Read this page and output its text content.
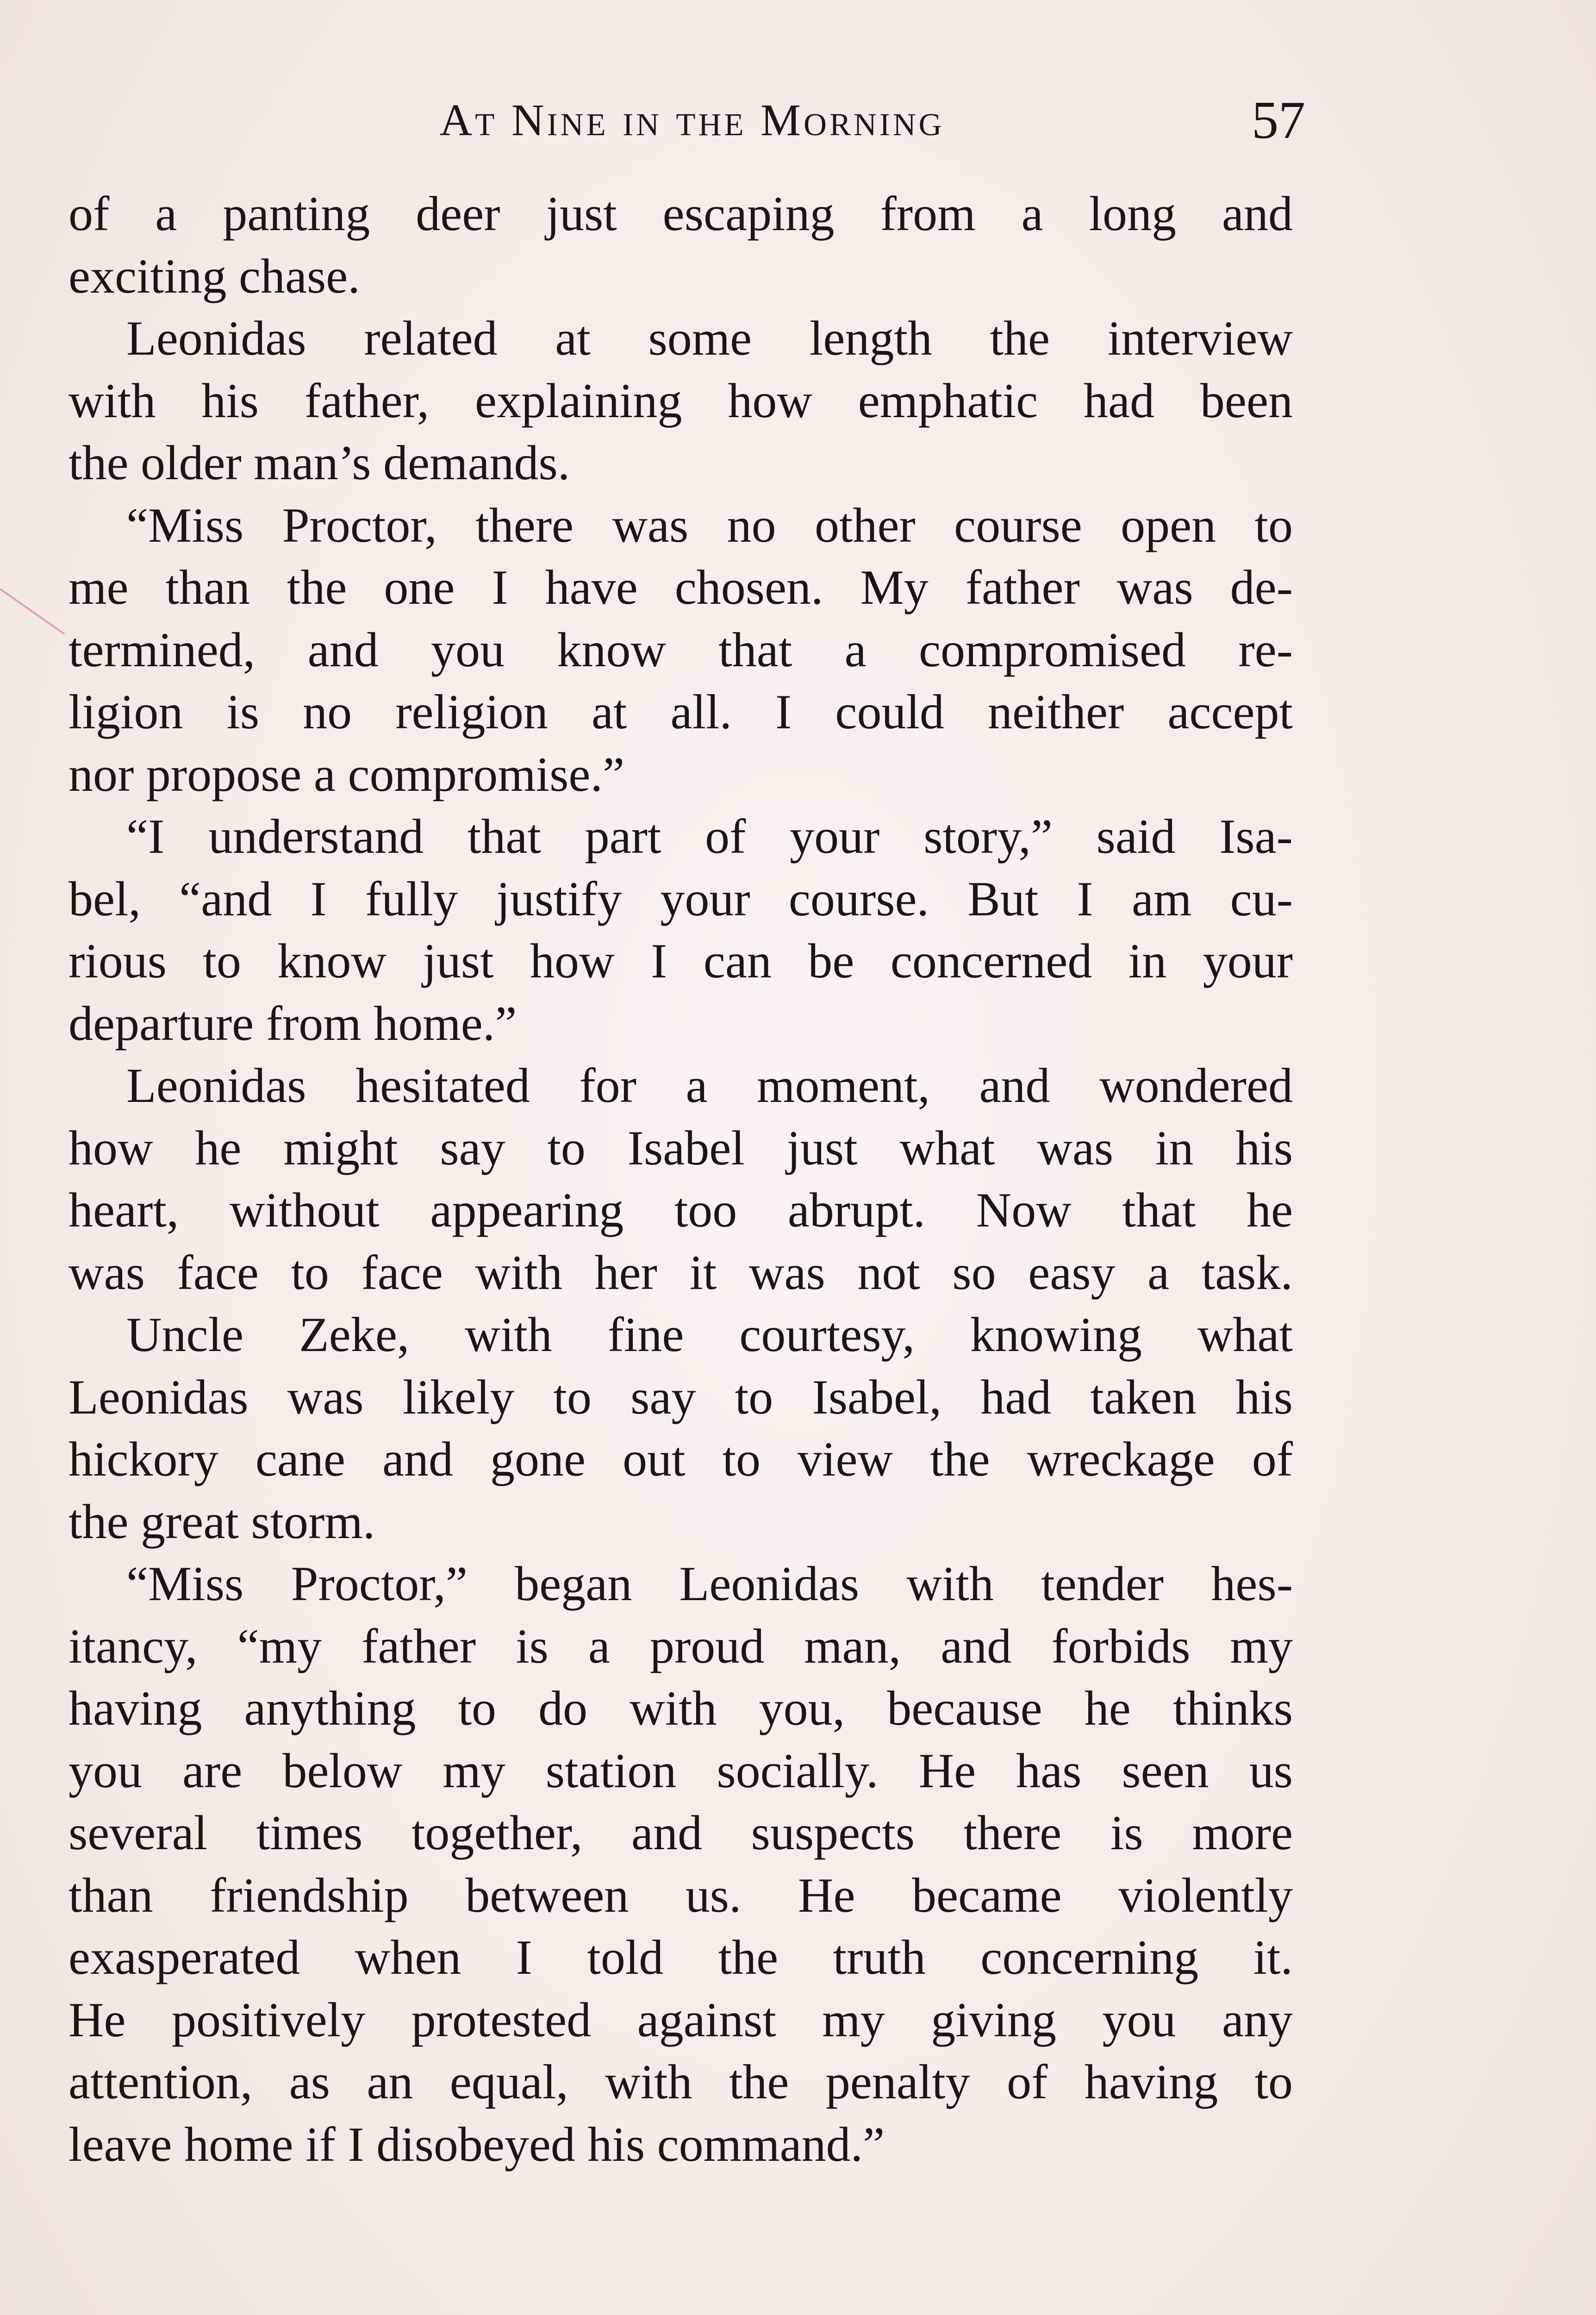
At Nine in the Morning	57
of a panting deer just escaping from a long and
exciting chase.
Leonidas related at some length the interview
with his father, explaining how emphatic had been
the older man’s demands.
“Miss Proctor, there was no other course open to
me than the one I have chosen. My father was de-
termined, and you know that a compromised re-
ligion is no religion at all. I could neither accept
nor propose a compromise.”
“I understand that part of your story,” said Isa-
bel, “and I fully justify your course. But I am cu-
rious to know just how I can be concerned in your
departure from home.”
Leonidas hesitated for a moment, and wondered
how he might say to Isabel just what was in his
heart, without appearing too abrupt. Now that he
was face to face with her it was not so easy a task.
Uncle Zeke, with fine courtesy, knowing what
Leonidas was likely to say to Isabel, had taken his
hickory cane and gone out to view the wreckage of
the great storm.
“Miss Proctor,” began Leonidas with tender hes-
itancy, “my father is a proud man, and forbids my
having anything to do with you, because he thinks
you are below my station socially. He has seen us
several times together, and suspects there is more
than friendship between us. He became violently
exasperated when I told the truth concerning it.
He positively protested against my giving you any
attention, as an equal, with the penalty of having to
leave home if I disobeyed his command.”
